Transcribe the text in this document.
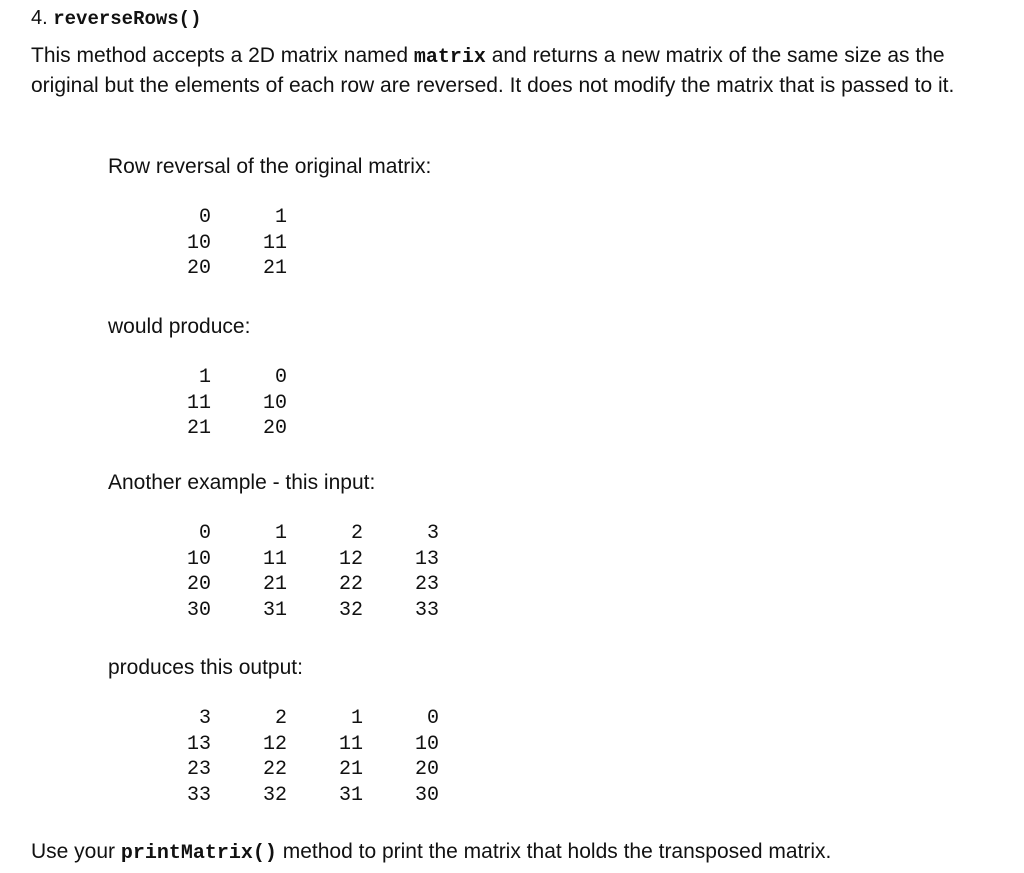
4. reverseRows()
This method accepts a 2D matrix named matrix and returns a new matrix of the same size as the original but the elements of each row are reversed. It does not modify the matrix that is passed to it.
Row reversal of the original matrix:
0	1
10	11
20	21
would produce:
1	0
11	10
21	20
Another example - this input:
0	1	2	3
10	11	12	13
20	21	22	23
30	31	32	33
produces this output:
3	2	1	0
13	12	11	10
23	22	21	20
33	32	31	30
Use your printMatrix() method to print the matrix that holds the transposed matrix.
